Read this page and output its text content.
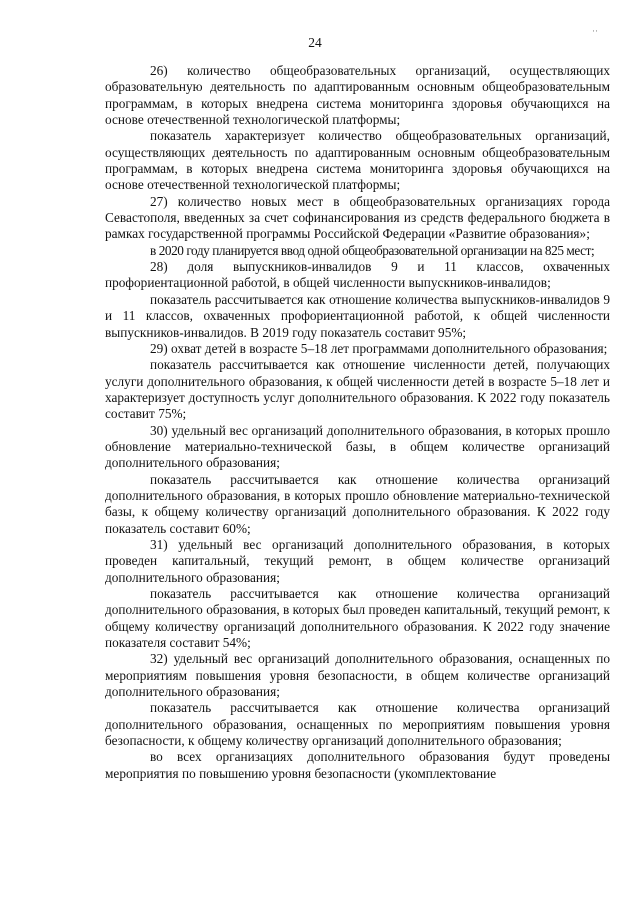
··
24

26) количество общеобразовательных организаций, осуществляющих образовательную деятельность по адаптированным основным общеобразовательным программам, в которых внедрена система мониторинга здоровья обучающихся на основе отечественной технологической платформы;

показатель характеризует количество общеобразовательных организаций, осуществляющих деятельность по адаптированным основным общеобразовательным программам, в которых внедрена система мониторинга здоровья обучающихся на основе отечественной технологической платформы;

27) количество новых мест в общеобразовательных организациях города Севастополя, введенных за счет софинансирования из средств федерального бюджета в рамках государственной программы Российской Федерации «Развитие образования»;

в 2020 году планируется ввод одной общеобразовательной организации на 825 мест;

28) доля выпускников-инвалидов 9 и 11 классов, охваченных профориентационной работой, в общей численности выпускников-инвалидов;

показатель рассчитывается как отношение количества выпускников-инвалидов 9 и 11 классов, охваченных профориентационной работой, к общей численности выпускников-инвалидов. В 2019 году показатель составит 95%;

29) охват детей в возрасте 5–18 лет программами дополнительного образования;

показатель рассчитывается как отношение численности детей, получающих услуги дополнительного образования, к общей численности детей в возрасте 5–18 лет и характеризует доступность услуг дополнительного образования. К 2022 году показатель составит 75%;

30) удельный вес организаций дополнительного образования, в которых прошло обновление материально-технической базы, в общем количестве организаций дополнительного образования;

показатель рассчитывается как отношение количества организаций дополнительного образования, в которых прошло обновление материально-технической базы, к общему количеству организаций дополнительного образования. К 2022 году показатель составит 60%;

31) удельный вес организаций дополнительного образования, в которых проведен капитальный, текущий ремонт, в общем количестве организаций дополнительного образования;

показатель рассчитывается как отношение количества организаций дополнительного образования, в которых был проведен капитальный, текущий ремонт, к общему количеству организаций дополнительного образования. К 2022 году значение показателя составит 54%;

32) удельный вес организаций дополнительного образования, оснащенных по мероприятиям повышения уровня безопасности, в общем количестве организаций дополнительного образования;

показатель рассчитывается как отношение количества организаций дополнительного образования, оснащенных по мероприятиям повышения уровня безопасности, к общему количеству организаций дополнительного образования;

во всех организациях дополнительного образования будут проведены мероприятия по повышению уровня безопасности (укомплектование
